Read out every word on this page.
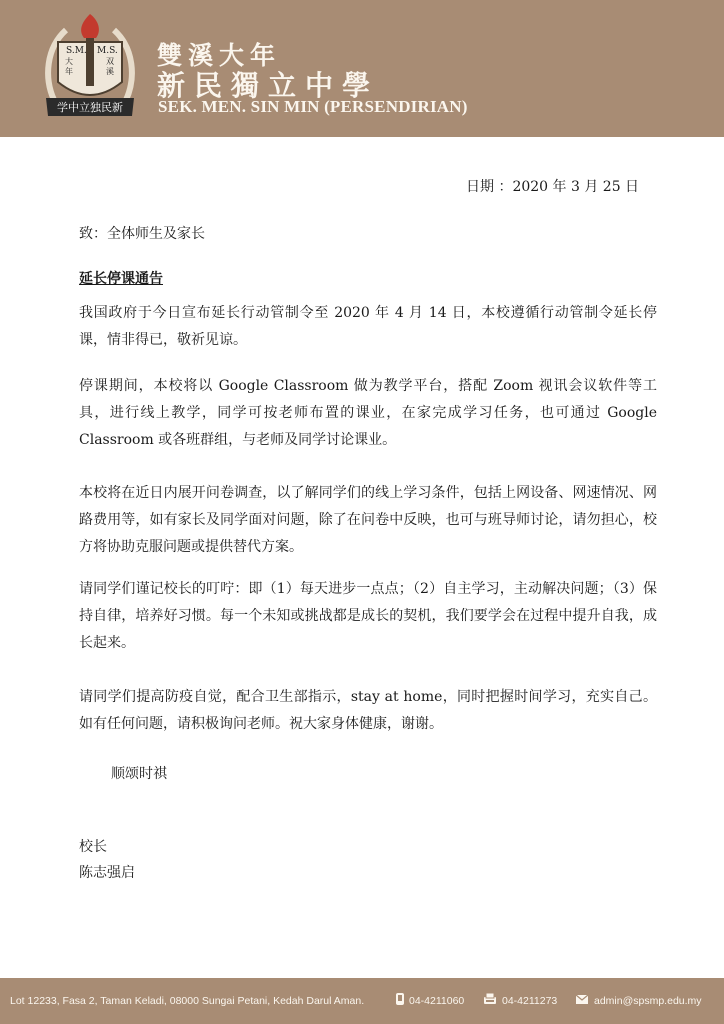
S.M. M.S.
大
年
双
溪
学中立独民新
雙溪大年
新民獨立中學
SEK. MEN. SIN MIN (PERSENDIRIAN)
日期 ：2020 年 3 月 25 日
致：全体师生及家长
延长停课通告

我国政府于今日宣布延长行动管制令至 2020 年 4 月 14 日，本校遵循行动管制令延长停课，情非得已，敬祈见谅。

停课期间，本校将以 Google Classroom 做为教学平台，搭配 Zoom 视讯会议软件等工具，进行线上教学，同学可按老师布置的课业，在家完成学习任务，也可通过 Google Classroom 或各班群组，与老师及同学讨论课业。

本校将在近日内展开问卷调查，以了解同学们的线上学习条件，包括上网设备、网速情况、网路费用等，如有家长及同学面对问题，除了在问卷中反映，也可与班导师讨论，请勿担心，校方将协助克服问题或提供替代方案。

请同学们谨记校长的叮咛：即（1）每天进步一点点；（2）自主学习，主动解决问题；（3）保持自律，培养好习惯。每一个未知或挑战都是成长的契机，我们要学会在过程中提升自我，成长起来。

请同学们提高防疫自觉，配合卫生部指示，stay at home，同时把握时间学习，充实自己。如有任何问题，请积极询问老师。祝大家身体健康，谢谢。

顺颂时祺
校长
陈志强启
Lot 12233, Fasa 2, Taman Keladi, 08000 Sungai Petani, Kedah Darul Aman.	04-4211060	04-4211273	admin@spsmp.edu.my
